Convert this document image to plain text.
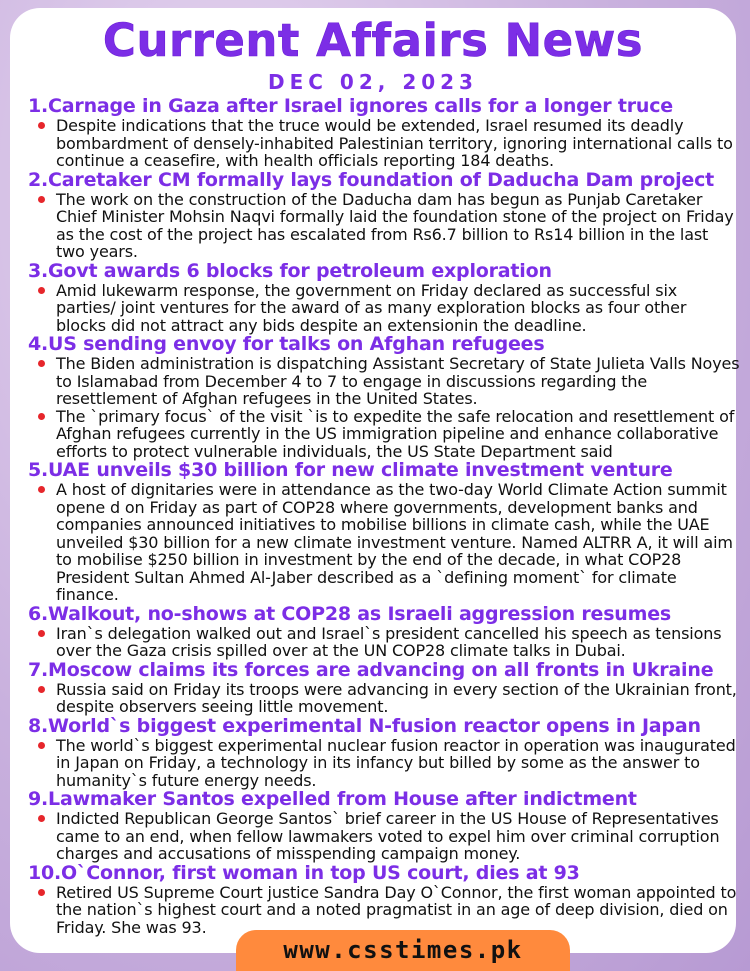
Current Affairs News
DEC 02, 2023
1.Carnage in Gaza after Israel ignores calls for a longer truce
Despite indications that the truce would be extended, Israel resumed its deadly bombardment of densely-inhabited Palestinian territory, ignoring international calls to continue a ceasefire, with health officials reporting 184 deaths.
2.Caretaker CM formally lays foundation of Daducha Dam project
The work on the construction of the Daducha dam has begun as Punjab Caretaker Chief Minister Mohsin Naqvi formally laid the foundation stone of the project on Friday as the cost of the project has escalated from Rs6.7 billion to Rs14 billion in the last two years.
3.Govt awards 6 blocks for petroleum exploration
Amid lukewarm response, the government on Friday declared as successful six parties/ joint ventures for the award of as many exploration blocks as four other blocks did not attract any bids despite an extensionin the deadline.
4.US sending envoy for talks on Afghan refugees
The Biden administration is dispatching Assistant Secretary of State Julieta Valls Noyes to Islamabad from December 4 to 7 to engage in discussions regarding the resettlement of Afghan refugees in the United States.
The `primary focus` of the visit `is to expedite the safe relocation and resettlement of Afghan refugees currently in the US immigration pipeline and enhance collaborative efforts to protect vulnerable individuals, the US State Department said
5.UAE unveils $30 billion for new climate investment venture
A host of dignitaries were in attendance as the two-day World Climate Action summit opene d on Friday as part of COP28 where governments, development banks and companies announced initiatives to mobilise billions in climate cash, while the UAE unveiled $30 billion for a new climate investment venture. Named ALTRR A, it will aim to mobilise $250 billion in investment by the end of the decade, in what COP28 President Sultan Ahmed Al-Jaber described as a `defining moment` for climate finance.
6.Walkout, no-shows at COP28 as Israeli aggression resumes
Iran`s delegation walked out and Israel`s president cancelled his speech as tensions over the Gaza crisis spilled over at the UN COP28 climate talks in Dubai.
7.Moscow claims its forces are advancing on all fronts in Ukraine
Russia said on Friday its troops were advancing in every section of the Ukrainian front, despite observers seeing little movement.
8.World`s biggest experimental N-fusion reactor opens in Japan
The world`s biggest experimental nuclear fusion reactor in operation was inaugurated in Japan on Friday, a technology in its infancy but billed by some as the answer to humanity`s future energy needs.
9.Lawmaker Santos expelled from House after indictment
Indicted Republican George Santos` brief career in the US House of Representatives came to an end, when fellow lawmakers voted to expel him over criminal corruption charges and accusations of misspending campaign money.
10.O`Connor, first woman in top US court, dies at 93
Retired US Supreme Court justice Sandra Day O`Connor, the first woman appointed to the nation`s highest court and a noted pragmatist in an age of deep division, died on Friday. She was 93.
www.csstimes.pk
